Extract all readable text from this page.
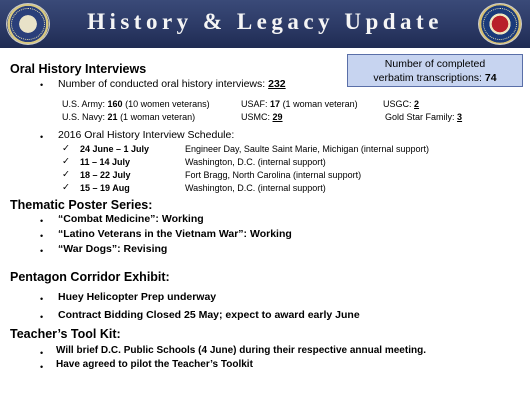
History & Legacy Update
Number of completed
verbatim transcriptions: 74
Oral History Interviews
• Number of conducted oral history interviews: 232
U.S. Army: 160 (10 women veterans)	USAF: 17 (1 woman veteran)	USGC: 2
U.S. Navy: 21 (1 woman veteran)	USMC: 29	Gold Star Family: 3
• 2016 Oral History Interview Schedule:
✓ 24 June – 1 July	Engineer Day, Saulte Saint Marie, Michigan (internal support)
✓ 11 – 14 July	Washington, D.C. (internal support)
✓ 18 – 22 July	Fort Bragg, North Carolina (internal support)
✓ 15 – 19 Aug	Washington, D.C. (internal support)
Thematic Poster Series:
• “Combat Medicine”: Working
• “Latino Veterans in the Vietnam War”: Working
• “War Dogs”: Revising
Pentagon Corridor Exhibit:
• Huey Helicopter Prep underway
• Contract Bidding Closed 25 May; expect to award early June
Teacher’s Tool Kit:
• Will brief D.C. Public Schools (4 June) during their respective annual meeting.
• Have agreed to pilot the Teacher’s Toolkit
